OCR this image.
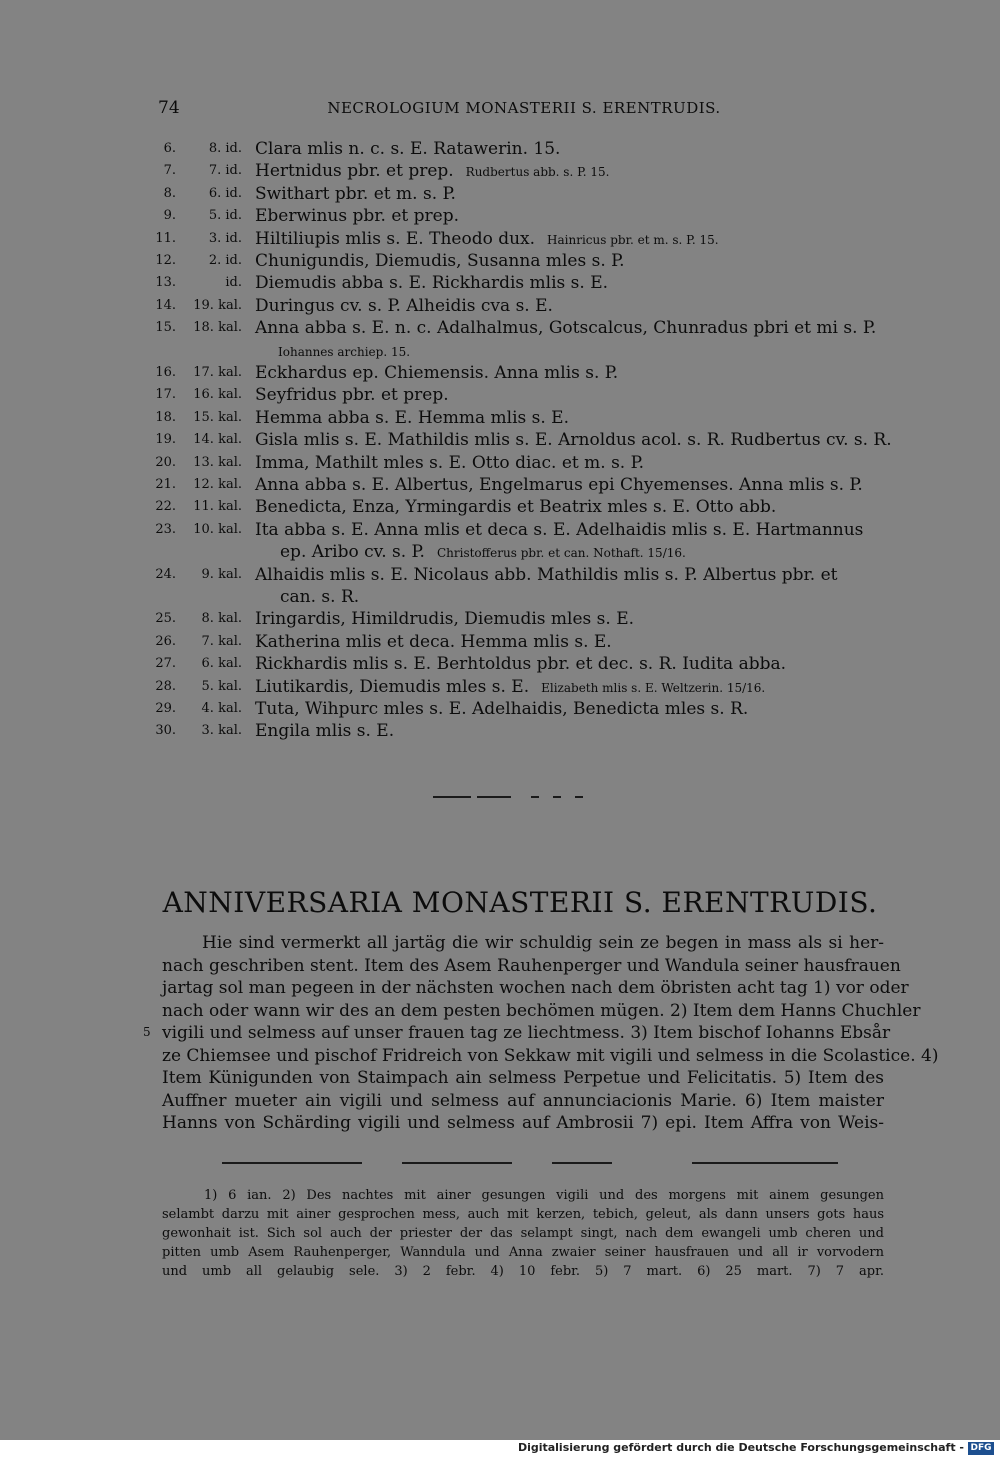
74	NECROLOGIUM MONASTERII S. ERENTRUDIS.
6.	8. id. Clara mlis n. c. s. E. Ratawerin. 15.
7.	7. id. Hertnidus pbr. et prep. Rudbertus abb. s. P. 15.
8.	6. id. Swithart pbr. et m. s. P.
9.	5. id. Eberwinus pbr. et prep.
11.	3. id. Hiltiliupis mlis s. E. Theodo dux. Hainricus pbr. et m. s. P. 15.
12.	2. id. Chunigundis, Diemudis, Susanna mles s. P.
13.	id. Diemudis abba s. E. Rickhardis mlis s. E.
14.	19. kal. Duringus cv. s. P. Alheidis cva s. E.
15.	18. kal. Anna abba s. E. n. c. Adalhalmus, Gotscalcus, Chunradus pbri et mi s. P.
Iohannes archiep. 15.
16.	17. kal. Eckhardus ep. Chiemensis. Anna mlis s. P.
17.	16. kal. Seyfridus pbr. et prep.
18.	15. kal. Hemma abba s. E. Hemma mlis s. E.
19.	14. kal. Gisla mlis s. E. Mathildis mlis s. E. Arnoldus acol. s. R. Rudbertus cv. s. R.
20.	13. kal. Imma, Mathilt mles s. E. Otto diac. et m. s. P.
21.	12. kal. Anna abba s. E. Albertus, Engelmarus epi Chyemenses. Anna mlis s. P.
22.	11. kal. Benedicta, Enza, Yrmingardis et Beatrix mles s. E. Otto abb.
23.	10. kal. Ita abba s. E. Anna mlis et deca s. E. Adelhaidis mlis s. E. Hartmannus
ep. Aribo cv. s. P. Christofferus pbr. et can. Nothaft. 15/16.
24.	9. kal. Alhaidis mlis s. E. Nicolaus abb. Mathildis mlis s. P. Albertus pbr. et
can. s. R.
25.	8. kal. Iringardis, Himildrudis, Diemudis mles s. E.
26.	7. kal. Katherina mlis et deca. Hemma mlis s. E.
27.	6. kal. Rickhardis mlis s. E. Berhtoldus pbr. et dec. s. R. Iudita abba.
28.	5. kal. Liutikardis, Diemudis mles s. E. Elizabeth mlis s. E. Weltzerin. 15/16.
29.	4. kal. Tuta, Wihpurc mles s. E. Adelhaidis, Benedicta mles s. R.
30.	3. kal. Engila mlis s. E.
ANNIVERSARIA MONASTERII S. ERENTRUDIS.
5
Hie sind vermerkt all jartäg die wir schuldig sein ze begen in mass als si her-
nach geschriben stent. Item des Asem Rauhenperger und Wandula seiner hausfrauen
jartag sol man pegeen in der nächsten wochen nach dem öbristen acht tag 1) vor oder
nach oder wann wir des an dem pesten bechömen mügen. 2) Item dem Hanns Chuchler
vigili und selmess auf unser frauen tag ze liechtmess. 3) Item bischof Iohanns Ebsår
ze Chiemsee und pischof Fridreich von Sekkaw mit vigili und selmess in die Scolastice. 4)
Item Künigunden von Staimpach ain selmess Perpetue und Felicitatis. 5) Item des
Auffner mueter ain vigili und selmess auf annunciacionis Marie. 6) Item maister
Hanns von Schärding vigili und selmess auf Ambrosii 7) epi. Item Affra von Weis-
1) 6 ian. 2) Des nachtes mit ainer gesungen vigili und des morgens mit ainem gesungen
selambt darzu mit ainer gesprochen mess, auch mit kerzen, tebich, geleut, als dann unsers gots haus
gewonhait ist. Sich sol auch der priester der das selampt singt, nach dem ewangeli umb cheren und
pitten umb Asem Rauhenperger, Wanndula und Anna zwaier seiner hausfrauen und all ir vorvodern
und umb all gelaubig sele. 3) 2 febr. 4) 10 febr. 5) 7 mart. 6) 25 mart. 7) 7 apr.
Digitalisierung gefördert durch die Deutsche Forschungsgemeinschaft - DFG
